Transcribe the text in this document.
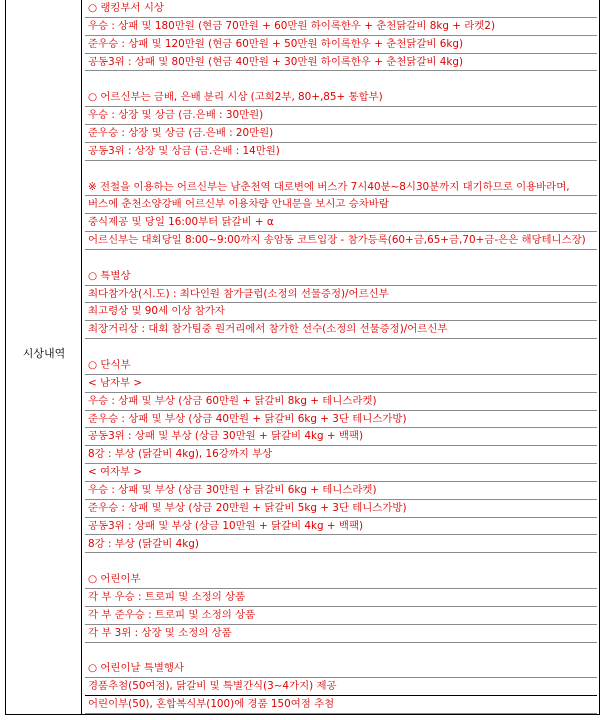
시상내역
○ 랭킹부서 시상
우승 : 상패 및 180만원 (현금 70만원 + 60만원 하이록한우 + 춘천닭갈비 8kg + 라켓2)
준우승 : 상패 및 120만원 (현금 60만원 + 50만원 하이록한우 + 춘천닭갈비 6kg)
공동3위 : 상패 및 80만원 (현금 40만원 + 30만원 하이록한우 + 춘천닭갈비 4kg)
○ 어르신부는 금배, 은배 분리 시상 (고희2부, 80+,85+ 통합부)
우승 : 상장 및 상금 (금.은배 : 30만원)
준우승 : 상장 및 상금 (금.은배 : 20만원)
공동3위 : 상장 및 상금 (금.은배 : 14만원)
※ 전철을 이용하는 어르신부는 남춘천역 대로변에 버스가 7시40분~8시30분까지 대기하므로 이용바라며,
버스에 춘천소양강배 어르신부 이용차량 안내문을 보시고 승차바람
중식제공 및 당일 16:00부터 닭갈비 + α
어르신부는 대회당일 8:00~9:00까지 송암동 코트입장 - 참가등록(60+금,65+금,70+금-은은 해당테니스장)
○ 특별상
최다참가상(시.도) : 최다인원 참가클럽(소정의 선물증정)/어르신부
최고령상 및 90세 이상 참가자
최장거리상 : 대회 참가팀중 원거리에서 참가한 선수(소정의 선물증정)/어르신부
○ 단식부
< 남자부 >
우승 : 상패 및 부상 (상금 60만원 + 닭갈비 8kg + 테니스라켓)
준우승 : 상패 및 부상 (상금 40만원 + 닭갈비 6kg + 3단 테니스가방)
공동3위 : 상패 및 부상 (상금 30만원 + 닭갈비 4kg + 백팩)
8강 : 부상 (닭갈비 4kg), 16강까지 부상
< 여자부 >
우승 : 상패 및 부상 (상금 30만원 + 닭갈비 6kg + 테니스라켓)
준우승 : 상패 및 부상 (상금 20만원 + 닭갈비 5kg + 3단 테니스가방)
공동3위 : 상패 및 부상 (상금 10만원 + 닭갈비 4kg + 백팩)
8강 : 부상 (닭갈비 4kg)
○ 어린이부
각 부 우승 : 트로피 및 소정의 상품
각 부 준우승 : 트로피 및 소정의 상품
각 부 3위 : 상장 및 소정의 상품
○ 어린이날 특별행사
경품추첨(50여점), 닭갈비 및 특별간식(3~4가지) 제공
어린이부(50), 혼합복식부(100)에 경품 150여점 추첨
